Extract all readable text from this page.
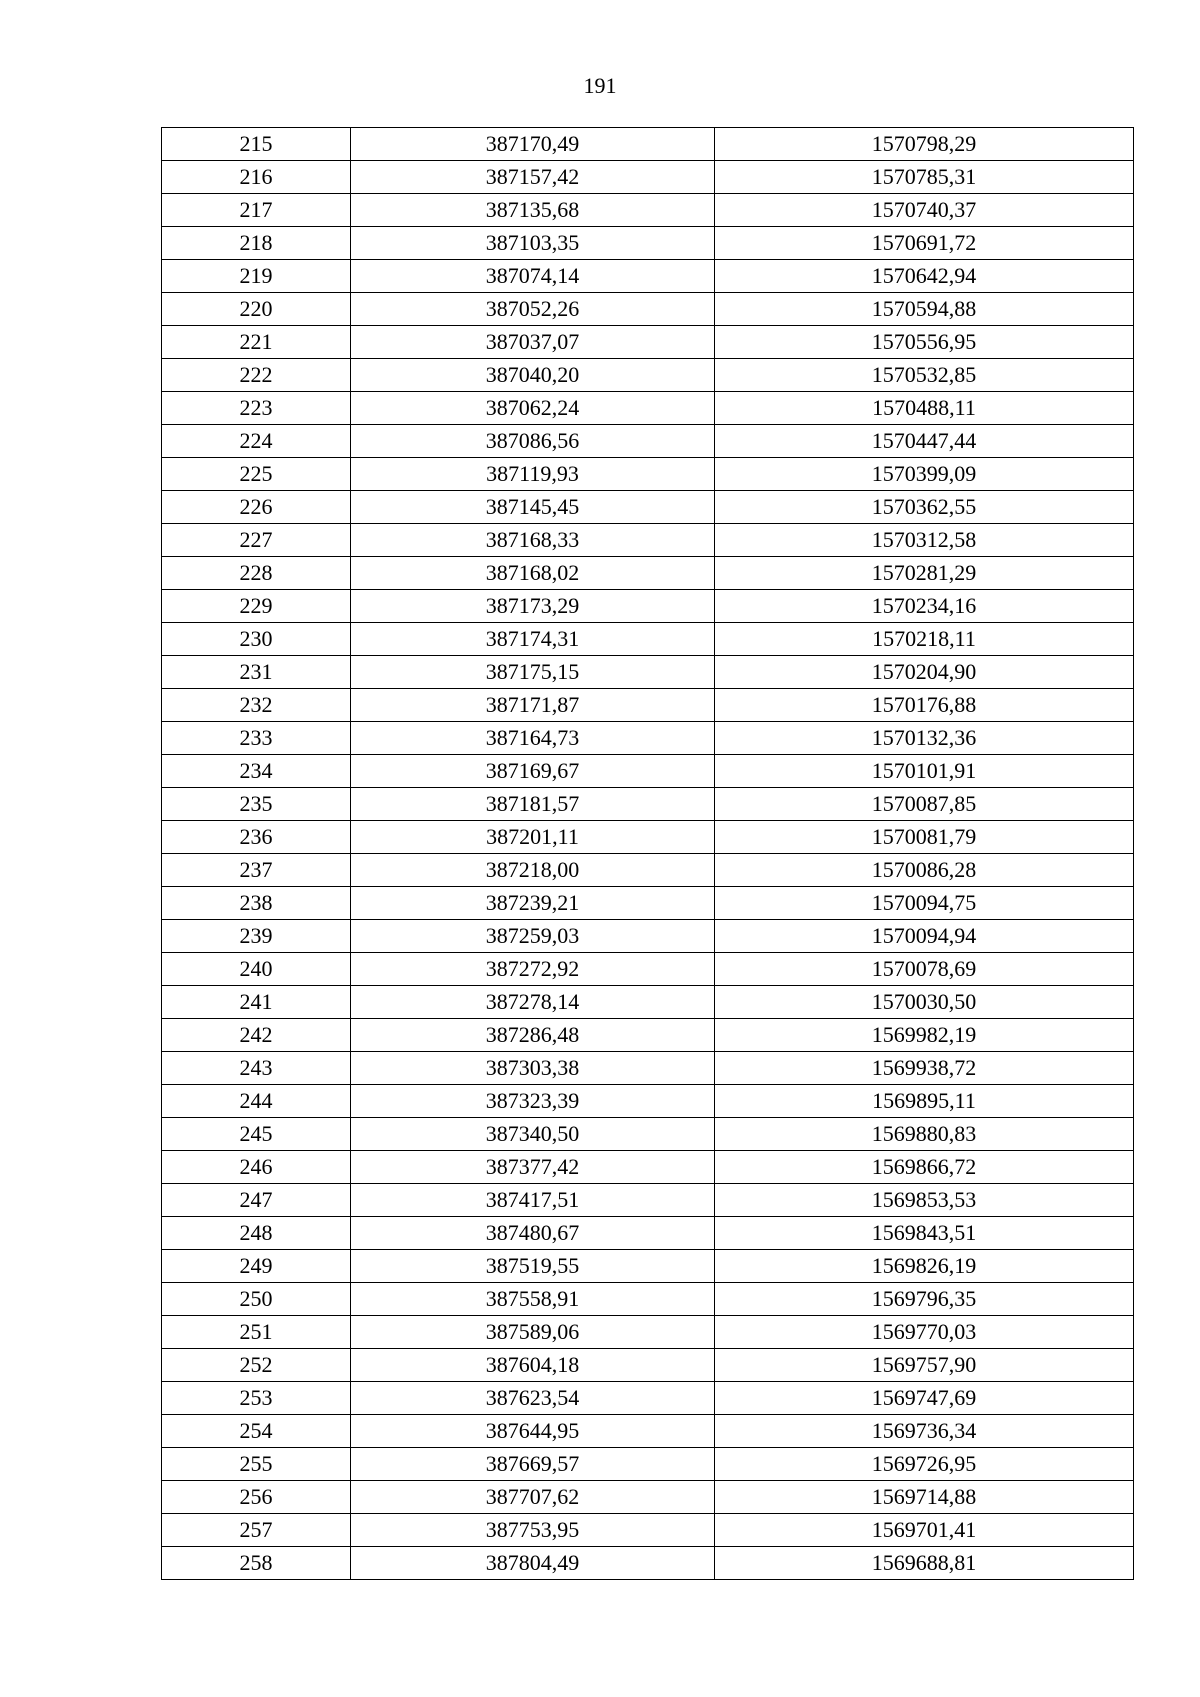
191
215	387170,49	1570798,29
216	387157,42	1570785,31
217	387135,68	1570740,37
218	387103,35	1570691,72
219	387074,14	1570642,94
220	387052,26	1570594,88
221	387037,07	1570556,95
222	387040,20	1570532,85
223	387062,24	1570488,11
224	387086,56	1570447,44
225	387119,93	1570399,09
226	387145,45	1570362,55
227	387168,33	1570312,58
228	387168,02	1570281,29
229	387173,29	1570234,16
230	387174,31	1570218,11
231	387175,15	1570204,90
232	387171,87	1570176,88
233	387164,73	1570132,36
234	387169,67	1570101,91
235	387181,57	1570087,85
236	387201,11	1570081,79
237	387218,00	1570086,28
238	387239,21	1570094,75
239	387259,03	1570094,94
240	387272,92	1570078,69
241	387278,14	1570030,50
242	387286,48	1569982,19
243	387303,38	1569938,72
244	387323,39	1569895,11
245	387340,50	1569880,83
246	387377,42	1569866,72
247	387417,51	1569853,53
248	387480,67	1569843,51
249	387519,55	1569826,19
250	387558,91	1569796,35
251	387589,06	1569770,03
252	387604,18	1569757,90
253	387623,54	1569747,69
254	387644,95	1569736,34
255	387669,57	1569726,95
256	387707,62	1569714,88
257	387753,95	1569701,41
258	387804,49	1569688,81
